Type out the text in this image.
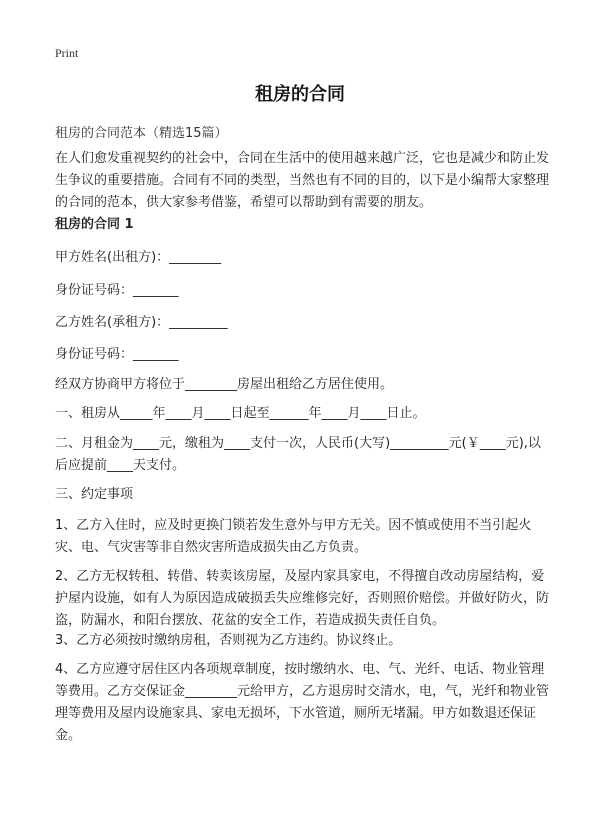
Print
租房的合同
租房的合同范本（精选15篇）
在人们愈发重视契约的社会中，合同在生活中的使用越来越广泛，它也是减少和防止发生争议的重要措施。合同有不同的类型，当然也有不同的目的，以下是小编帮大家整理的合同的范本，供大家参考借鉴，希望可以帮助到有需要的朋友。
租房的合同 1
甲方姓名(出租方)：________
身份证号码：_______
乙方姓名(承租方)：_________
身份证号码：_______
经双方协商甲方将位于________房屋出租给乙方居住使用。
一、租房从_____年____月____日起至______年____月____日止。
二、月租金为____元，缴租为____支付一次，人民币(大写)_________元(￥____元),以后应提前____天支付。
三、约定事项
1、乙方入住时，应及时更换门锁若发生意外与甲方无关。因不慎或使用不当引起火灾、电、气灾害等非自然灾害所造成损失由乙方负责。
2、乙方无权转租、转借、转卖该房屋，及屋内家具家电，不得擅自改动房屋结构，爱护屋内设施，如有人为原因造成破损丢失应维修完好，否则照价赔偿。并做好防火，防盗，防漏水，和阳台摆放、花盆的安全工作，若造成损失责任自负。
3、乙方必须按时缴纳房租，否则视为乙方违约。协议终止。
4、乙方应遵守居住区内各项规章制度，按时缴纳水、电、气、光纤、电话、物业管理等费用。乙方交保证金________元给甲方，乙方退房时交清水，电，气，光纤和物业管理等费用及屋内设施家具、家电无损坏，下水管道，厕所无堵漏。甲方如数退还保证金。
